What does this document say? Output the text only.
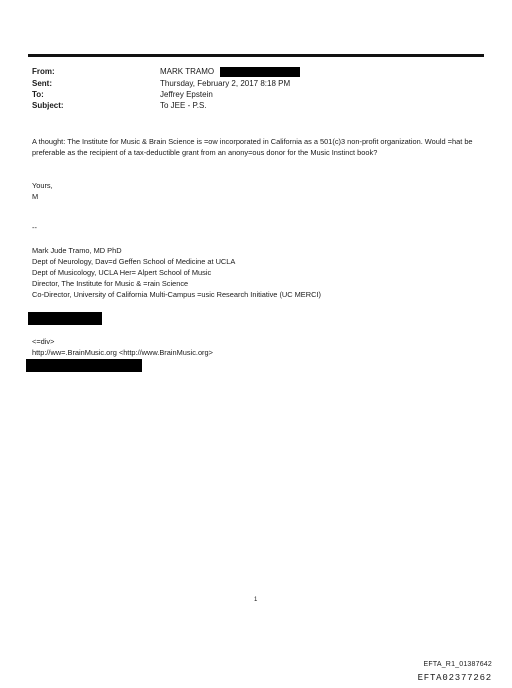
From:	MARK TRAMO
Sent:	Thursday, February 2, 2017 8:18 PM
To:	Jeffrey Epstein
Subject:	To JEE - P.S.
A thought: The Institute for Music & Brain Science is =ow incorporated in California as a 501(c)3 non-profit organization. Would =hat be preferable as the recipient of a tax-deductible grant from an anony=ous donor for the Music Instinct book?
Yours,
M
--
Mark Jude Tramo, MD PhD
Dept of Neurology, Dav=d Geffen School of Medicine at UCLA
Dept of Musicology, UCLA Her= Alpert School of Music
Director, The Institute for Music & =rain Science
Co-Director, University of California Multi-Campus =usic Research Initiative (UC MERCI)
<=div>
http://ww=.BrainMusic.org <http://www.BrainMusic.org>
1
EFTA_R1_01387642
EFTA02377262
